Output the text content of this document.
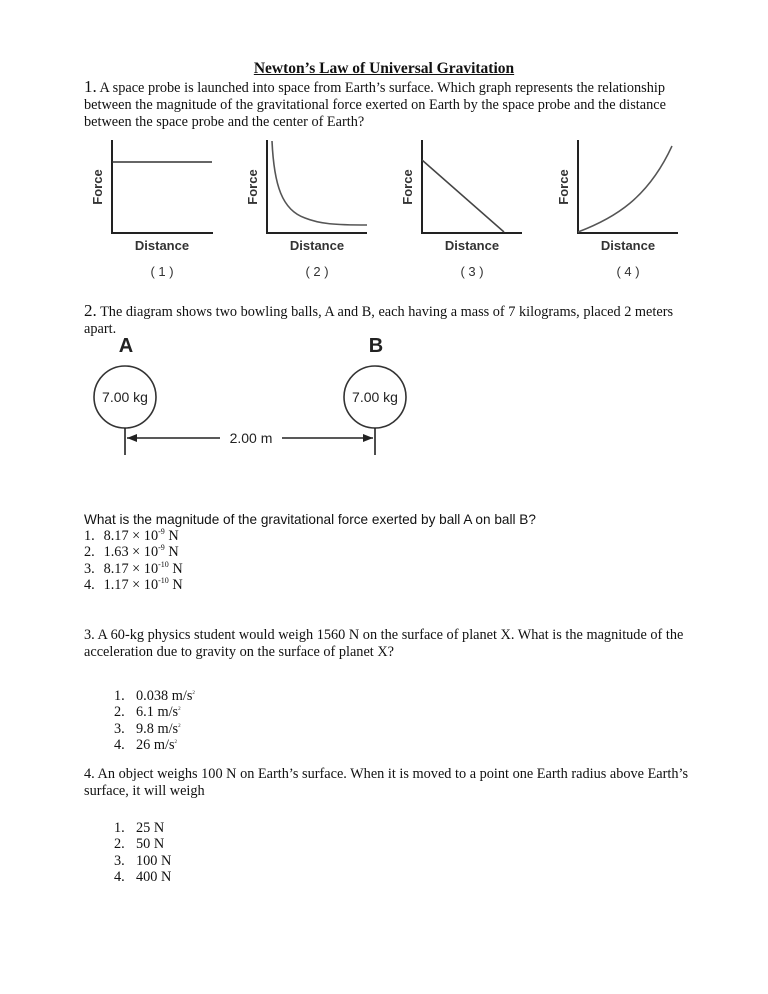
Newton’s Law of Universal Gravitation
1. A space probe is launched into space from Earth’s surface. Which graph represents the relationship between the magnitude of the gravitational force exerted on Earth by the space probe and the distance between the space probe and the center of Earth?
Force
Distance
( 1 )
Force
Distance
( 2 )
Force
Distance
( 3 )
Force
Distance
( 4 )
2. The diagram shows two bowling balls, A and B, each having a mass of 7 kilograms, placed 2 meters apart.
A	B
7.00 kg	7.00 kg
2.00 m
What is the magnitude of the gravitational force exerted by ball A on ball B?
1. $8.17 \times 10^{-9}$ N
2. $1.63 \times 10^{-9}$ N
3. $8.17 \times 10^{-10}$ N
4. $1.17 \times 10^{-10}$ N
3. A 60-kg physics student would weigh 1560 N on the surface of planet X. What is the magnitude of the acceleration due to gravity on the surface of planet X?
1. 0.038 $m/s^2$
2. 6.1 $m/s^2$
3. 9.8 $m/s^2$
4. 26 $m/s^2$
4. An object weighs 100 N on Earth’s surface. When it is moved to a point one Earth radius above Earth’s surface, it will weigh
1. 25 N
2. 50 N
3. 100 N
4. 400 N
